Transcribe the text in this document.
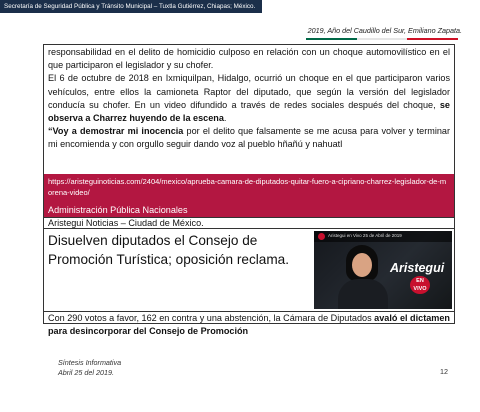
Secretaría de Seguridad Pública y Tránsito Municipal – Tuxtla Gutiérrez, Chiapas; México.
2019, Año del Caudillo del Sur, Emiliano Zapata.

responsabilidad en el delito de homicidio culposo en relación con un choque automovilístico en el que participaron el legislador y su chofer.

El 6 de octubre de 2018 en Ixmiquilpan, Hidalgo, ocurrió un choque en el que participaron varios vehículos, entre ellos la camioneta Raptor del diputado, que según la versión del legislador conducía su chofer. En un video difundido a través de redes sociales después del choque, se observa a Charrez huyendo de la escena.

“Voy a demostrar mi inocencia por el delito que falsamente se me acusa para volver y terminar mi encomienda y con orgullo seguir dando voz al pueblo hñañú y nahuatl

https://aristeguinoticias.com/2404/mexico/aprueba-camara-de-diputados-quitar-fuero-a-cipriano-charrez-legislador-de-morena-video/
Administración Pública Nacionales
Aristegui Noticias – Ciudad de México.
Disuelven diputados el Consejo de Promoción Turística; oposición reclama.
Aristegui en Vivo 25 de Abril de 2019
Aristegui
EN VIVO
Con 290 votos a favor, 162 en contra y una abstención, la Cámara de Diputados avaló el dictamen para desincorporar del Consejo de Promoción
Síntesis Informativa
Abril 25 del 2019.	12
